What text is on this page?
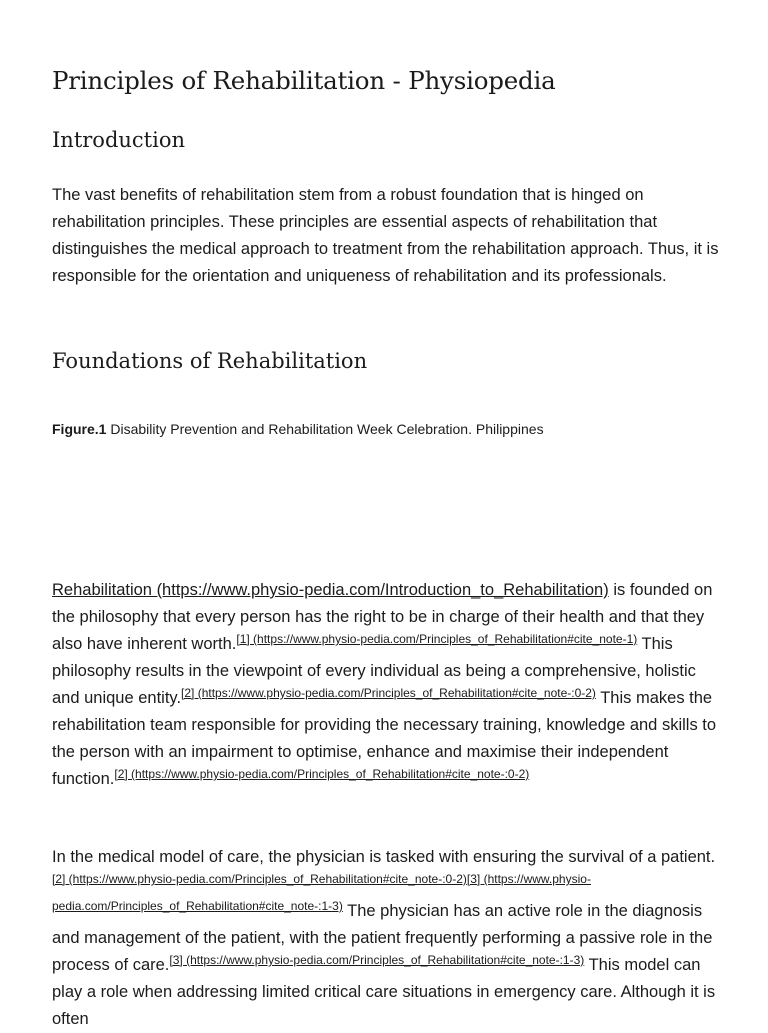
Principles of Rehabilitation - Physiopedia
Introduction

The vast benefits of rehabilitation stem from a robust foundation that is hinged on rehabilitation principles. These principles are essential aspects of rehabilitation that distinguishes the medical approach to treatment from the rehabilitation approach. Thus, it is responsible for the orientation and uniqueness of rehabilitation and its professionals.

Foundations of Rehabilitation

Figure.1 Disability Prevention and Rehabilitation Week Celebration. Philippines

Rehabilitation (https://www.physio-pedia.com/Introduction_to_Rehabilitation) is founded on the philosophy that every person has the right to be in charge of their health and that they also have inherent worth.$^{[1] (https://www.physio-pedia.com/Principles\_of\_Rehabilitation\#cite\_note-1)}$ This philosophy results in the viewpoint of every individual as being a comprehensive, holistic and unique entity.$^{[2] (https://www.physio-pedia.com/Principles\_of\_Rehabilitation\#cite\_note-:0-2)}$ This makes the rehabilitation team responsible for providing the necessary training, knowledge and skills to the person with an impairment to optimise, enhance and maximise their independent function.$^{[2] (https://www.physio-pedia.com/Principles\_of\_Rehabilitation\#cite\_note-:0-2)}$

In the medical model of care, the physician is tasked with ensuring the survival of a patient.$^{[2] (https://www.physio-pedia.com/Principles\_of\_Rehabilitation\#cite\_note-:0-2)[3] (https://www.physio-pedia.com/Principles\_of\_Rehabilitation\#cite\_note-:1-3)}$ The physician has an active role in the diagnosis and management of the patient, with the patient frequently performing a passive role in the process of care.$^{[3] (https://www.physio-pedia.com/Principles\_of\_Rehabilitation\#cite\_note-:1-3)}$ This model can play a role when addressing limited critical care situations in emergency care. Although it is often
